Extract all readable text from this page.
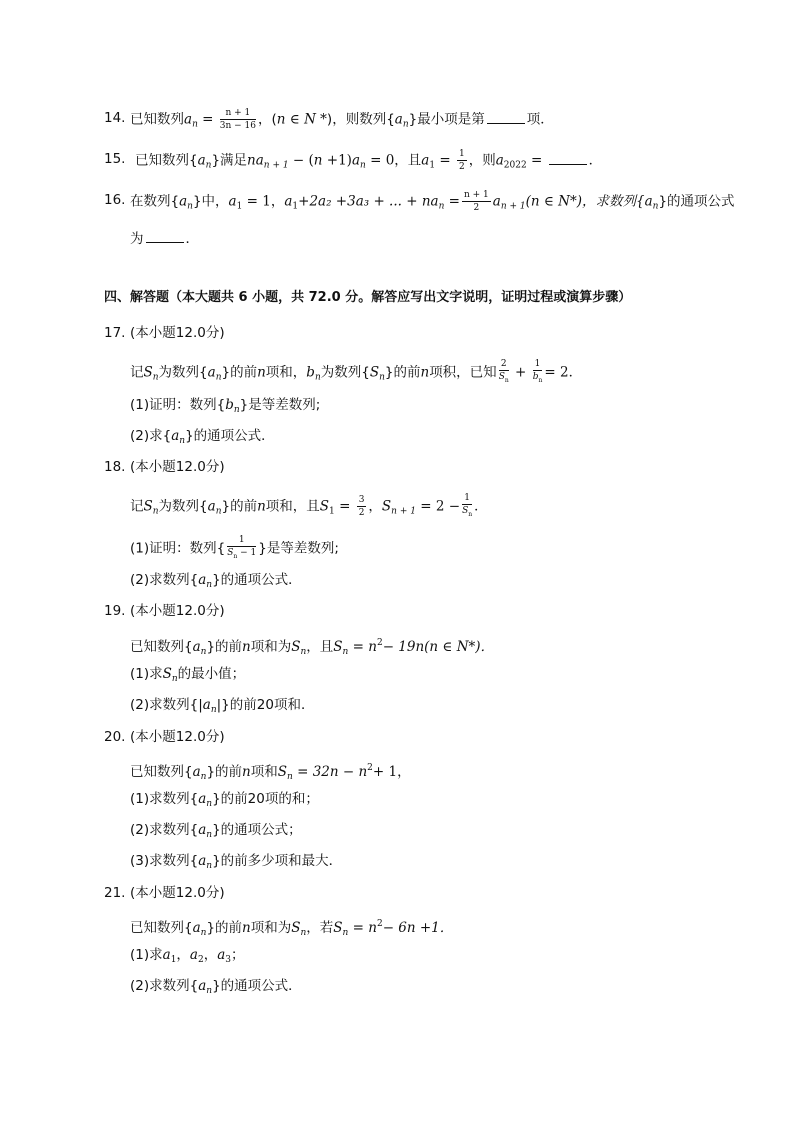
14. 已知数列$a_n = \frac{n + 1}{3n - 16}$ ，(n ∈ N *)，则数列$\{a_n\}$最小项是第	项．
15. 已知数列$\{a_n\}$满足$na_{n + 1} - (n +1)a_n = 0$，且$a_1 = \frac{1}{2}$ ，则$a_{2022}$ =	．
16. 在数列$\{a_n\}$中，$a_1 = 1$，$a_1+2a_2 +3a_3$ + ... + $na_n = \frac{n + 1}{2} a_{n + 1}(n$ ∈ N*)，求数列$\{a_n\}$的通项公式
为	．
四、解答题（本大题共 6 小题，共 72.0 分。解答应写出文字说明，证明过程或演算步骤）
17. (本小题12.0分)
记$S_n$为数列$\{a_n\}$的前n项和，$b_n$为数列$\{S_n\}$的前n项积，已知 $\frac{2}{S_n} + \frac{1}{b_n} = 2$．
(1)证明：数列$\{b_n\}$是等差数列;
(2)求$\{a_n\}$的通项公式．
18. (本小题12.0分)
记$S_n$为数列$\{a_n\}$的前n项和，且$S_1 = \frac{3}{2}$ ，$S_{n + 1} = 2 - \frac{1}{S_n}$ ．
(1)证明：数列{ $\frac{1}{S_n - 1}$ }是等差数列;
(2)求数列$\{a_n\}$的通项公式．
19. (本小题12.0分)
已知数列$\{a_n\}$的前n项和为$S_n$，且$S_n = n^2- 19n(n$ ∈ N*)．
(1)求$S_n$的最小值；
(2)求数列$\{|a_n|\}$的前20项和．
20. (本小题12.0分)
已知数列$\{a_n\}$的前n项和$S_n = 32n - n^2+ 1$，
(1)求数列$\{a_n\}$的前20项的和；
(2)求数列$\{a_n\}$的通项公式；
(3)求数列$\{a_n\}$的前多少项和最大．
21. (本小题12.0分)
已知数列$\{a_n\}$的前n项和为$S_n$，若$S_n = n^2- 6n +1$．
(1)求$a_1$，$a_2$，$a_3$；
(2)求数列$\{a_n\}$的通项公式．
